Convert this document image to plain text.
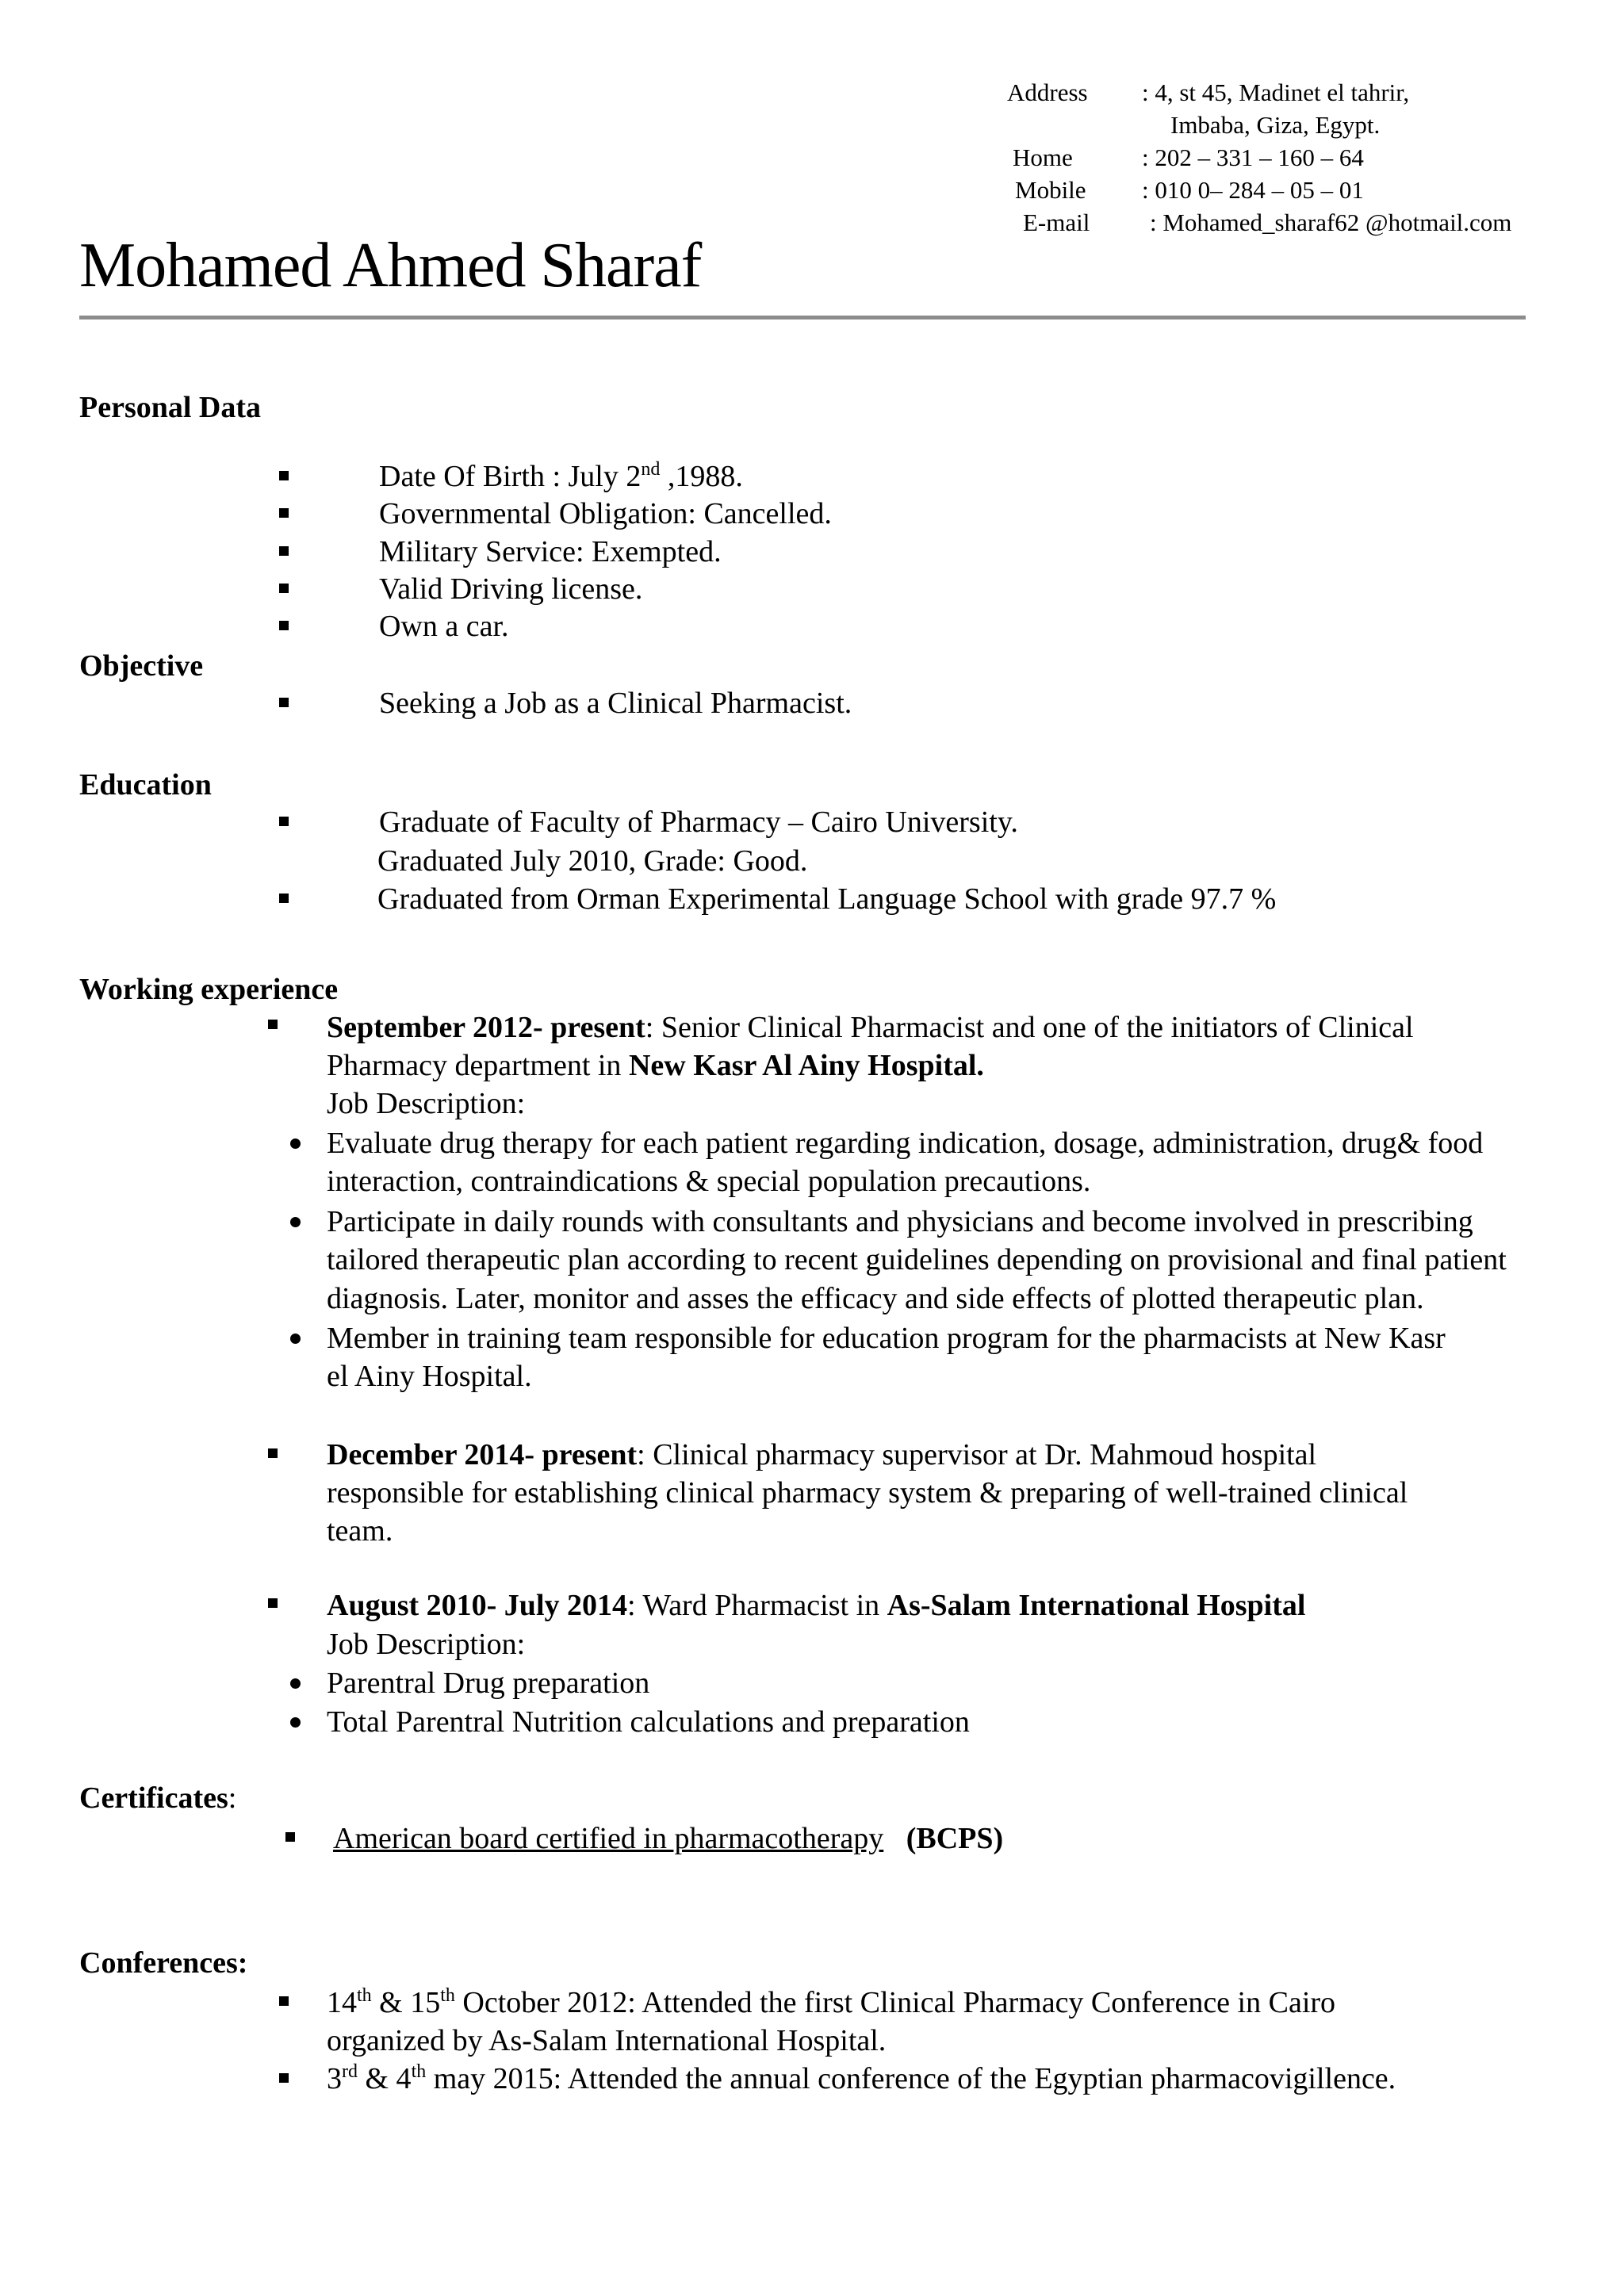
Address : 4, st 45, Madinet el tahrir,
Imbaba, Giza, Egypt.
Home	: 202 – 331 – 160 – 64
Mobile : 010 0– 284 – 05 – 01
E-mail : Mohamed_sharaf62 @hotmail.com
Mohamed Ahmed Sharaf
Personal Data
Date Of Birth : July 2nd ,1988.
Governmental Obligation: Cancelled.
Military Service: Exempted.
Valid Driving license.
Own a car.
Objective
Seeking a Job as a Clinical Pharmacist.
Education
Graduate of Faculty of Pharmacy – Cairo University.
Graduated July 2010, Grade: Good.
Graduated from Orman Experimental Language School with grade 97.7 %
Working experience
September 2012- present: Senior Clinical Pharmacist and one of the initiators of Clinical
Pharmacy department in New Kasr Al Ainy Hospital.
Job Description:
Evaluate drug therapy for each patient regarding indication, dosage, administration, drug& food
interaction, contraindications & special population precautions.
Participate in daily rounds with consultants and physicians and become involved in prescribing
tailored therapeutic plan according to recent guidelines depending on provisional and final patient
diagnosis. Later, monitor and asses the efficacy and side effects of plotted therapeutic plan.
Member in training team responsible for education program for the pharmacists at New Kasr
el Ainy Hospital.
December 2014- present: Clinical pharmacy supervisor at Dr. Mahmoud hospital
responsible for establishing clinical pharmacy system & preparing of well-trained clinical
team.
August 2010- July 2014: Ward Pharmacist in As-Salam International Hospital
Job Description:
Parentral Drug preparation
Total Parentral Nutrition calculations and preparation
Certificates:
American board certified in pharmacotherapy (BCPS)
Conferences:
14th & 15th October 2012: Attended the first Clinical Pharmacy Conference in Cairo
organized by As-Salam International Hospital.
3rd & 4th may 2015: Attended the annual conference of the Egyptian pharmacovigillence.
